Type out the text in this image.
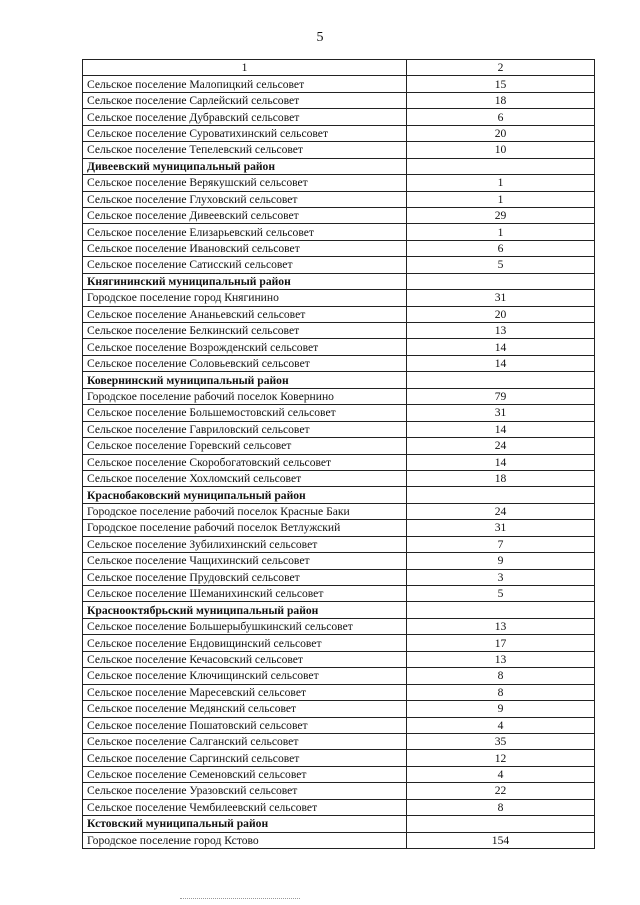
5
1	2
Сельское поселение Малопицкий сельсовет	15
Сельское поселение Сарлейский сельсовет	18
Сельское поселение Дубравский сельсовет	6
Сельское поселение Суроватихинский сельсовет	20
Сельское поселение Тепелевский сельсовет	10
Дивеевский муниципальный район	
Сельское поселение Верякушский сельсовет	1
Сельское поселение Глуховский сельсовет	1
Сельское поселение Дивеевский сельсовет	29
Сельское поселение Елизарьевский сельсовет	1
Сельское поселение Ивановский сельсовет	6
Сельское поселение Сатисский сельсовет	5
Княгининский муниципальный район	
Городское поселение город Княгинино	31
Сельское поселение Ананьевский сельсовет	20
Сельское поселение Белкинский сельсовет	13
Сельское поселение Возрожденский сельсовет	14
Сельское поселение Соловьевский сельсовет	14
Ковернинский муниципальный район	
Городское поселение рабочий поселок Ковернино	79
Сельское поселение Большемостовский сельсовет	31
Сельское поселение Гавриловский сельсовет	14
Сельское поселение Горевский сельсовет	24
Сельское поселение Скоробогатовский сельсовет	14
Сельское поселение Хохломский сельсовет	18
Краснобаковский муниципальный район	
Городское поселение рабочий поселок Красные Баки	24
Городское поселение рабочий поселок Ветлужский	31
Сельское поселение Зубилихинский сельсовет	7
Сельское поселение Чащихинский сельсовет	9
Сельское поселение Прудовский сельсовет	3
Сельское поселение Шеманихинский сельсовет	5
Краснооктябрьский муниципальный район	
Сельское поселение Большерыбушкинский сельсовет	13
Сельское поселение Ендовищинский сельсовет	17
Сельское поселение Кечасовский сельсовет	13
Сельское поселение Ключищинский сельсовет	8
Сельское поселение Маресевский сельсовет	8
Сельское поселение Медянский сельсовет	9
Сельское поселение Пошатовский сельсовет	4
Сельское поселение Салганский сельсовет	35
Сельское поселение Саргинский сельсовет	12
Сельское поселение Семеновский сельсовет	4
Сельское поселение Уразовский сельсовет	22
Сельское поселение Чембилеевский сельсовет	8
Кстовский муниципальный район	
Городское поселение город Кстово	154
